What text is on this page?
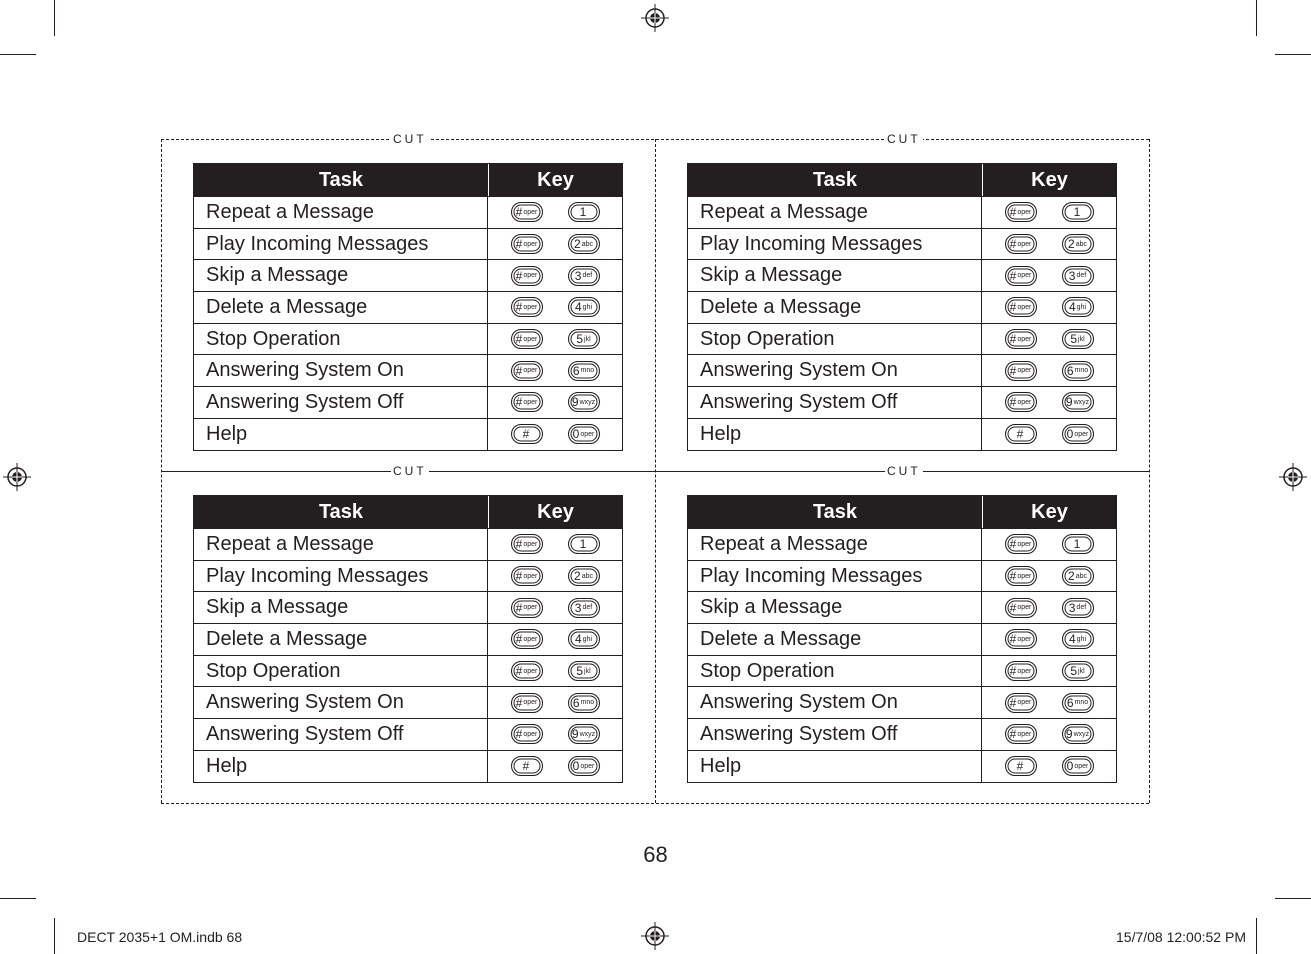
CUT	CUT
CUT	CUT
Task	Key
Repeat a Message	# oper	1
Play Incoming Messages	# oper	2 abc
Skip a Message	# oper	3 def
Delete a Message	# oper	4 ghi
Stop Operation	# oper	5 jkl
Answering System On	# oper	6 mno
Answering System Off	# oper	9 wxyz
Help	#	0 oper
Task	Key
Repeat a Message	# oper	1
Play Incoming Messages	# oper	2 abc
Skip a Message	# oper	3 def
Delete a Message	# oper	4 ghi
Stop Operation	# oper	5 jkl
Answering System On	# oper	6 mno
Answering System Off	# oper	9 wxyz
Help	#	0 oper
Task	Key
Repeat a Message	# oper	1
Play Incoming Messages	# oper	2 abc
Skip a Message	# oper	3 def
Delete a Message	# oper	4 ghi
Stop Operation	# oper	5 jkl
Answering System On	# oper	6 mno
Answering System Off	# oper	9 wxyz
Help	#	0 oper
Task	Key
Repeat a Message	# oper	1
Play Incoming Messages	# oper	2 abc
Skip a Message	# oper	3 def
Delete a Message	# oper	4 ghi
Stop Operation	# oper	5 jkl
Answering System On	# oper	6 mno
Answering System Off	# oper	9 wxyz
Help	#	0 oper
68
DECT 2035+1 OM.indb 68	15/7/08 12:00:52 PM
